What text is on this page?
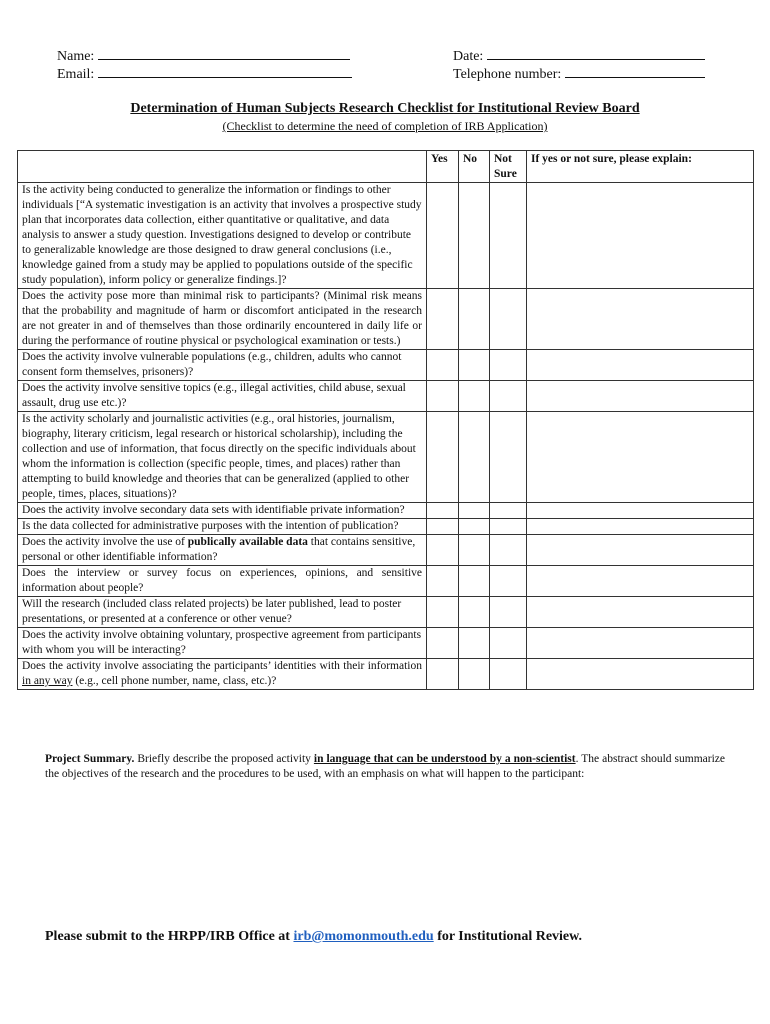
Name:
Email:
Date:
Telephone number:
Determination of Human Subjects Research Checklist for Institutional Review Board
(Checklist to determine the need of completion of IRB Application)
	Yes	No	Not Sure	If yes or not sure, please explain:
Is the activity being conducted to generalize the information or findings to other individuals [“A systematic investigation is an activity that involves a prospective study plan that incorporates data collection, either quantitative or qualitative, and data analysis to answer a study question. Investigations designed to develop or contribute to generalizable knowledge are those designed to draw general conclusions (i.e., knowledge gained from a study may be applied to populations outside of the specific study population), inform policy or generalize findings.]?				
Does the activity pose more than minimal risk to participants? (Minimal risk means that the probability and magnitude of harm or discomfort anticipated in the research are not greater in and of themselves than those ordinarily encountered in daily life or during the performance of routine physical or psychological examination or tests.)				
Does the activity involve vulnerable populations (e.g., children, adults who cannot consent form themselves, prisoners)?				
Does the activity involve sensitive topics (e.g., illegal activities, child abuse, sexual assault, drug use etc.)?				
Is the activity scholarly and journalistic activities (e.g., oral histories, journalism, biography, literary criticism, legal research or historical scholarship), including the collection and use of information, that focus directly on the specific individuals about whom the information is collection (specific people, times, and places) rather than attempting to build knowledge and theories that can be generalized (applied to other people, times, places, situations)?				
Does the activity involve secondary data sets with identifiable private information?				
Is the data collected for administrative purposes with the intention of publication?				
Does the activity involve the use of publically available data that contains sensitive, personal or other identifiable information?				
Does the interview or survey focus on experiences, opinions, and sensitive information about people?				
Will the research (included class related projects) be later published, lead to poster presentations, or presented at a conference or other venue?				
Does the activity involve obtaining voluntary, prospective agreement from participants with whom you will be interacting?				
Does the activity involve associating the participants’ identities with their information in any way (e.g., cell phone number, name, class, etc.)?				
Project Summary. Briefly describe the proposed activity in language that can be understood by a non-scientist. The abstract should summarize the objectives of the research and the procedures to be used, with an emphasis on what will happen to the participant:
Please submit to the HRPP/IRB Office at irb@momonmouth.edu for Institutional Review.
